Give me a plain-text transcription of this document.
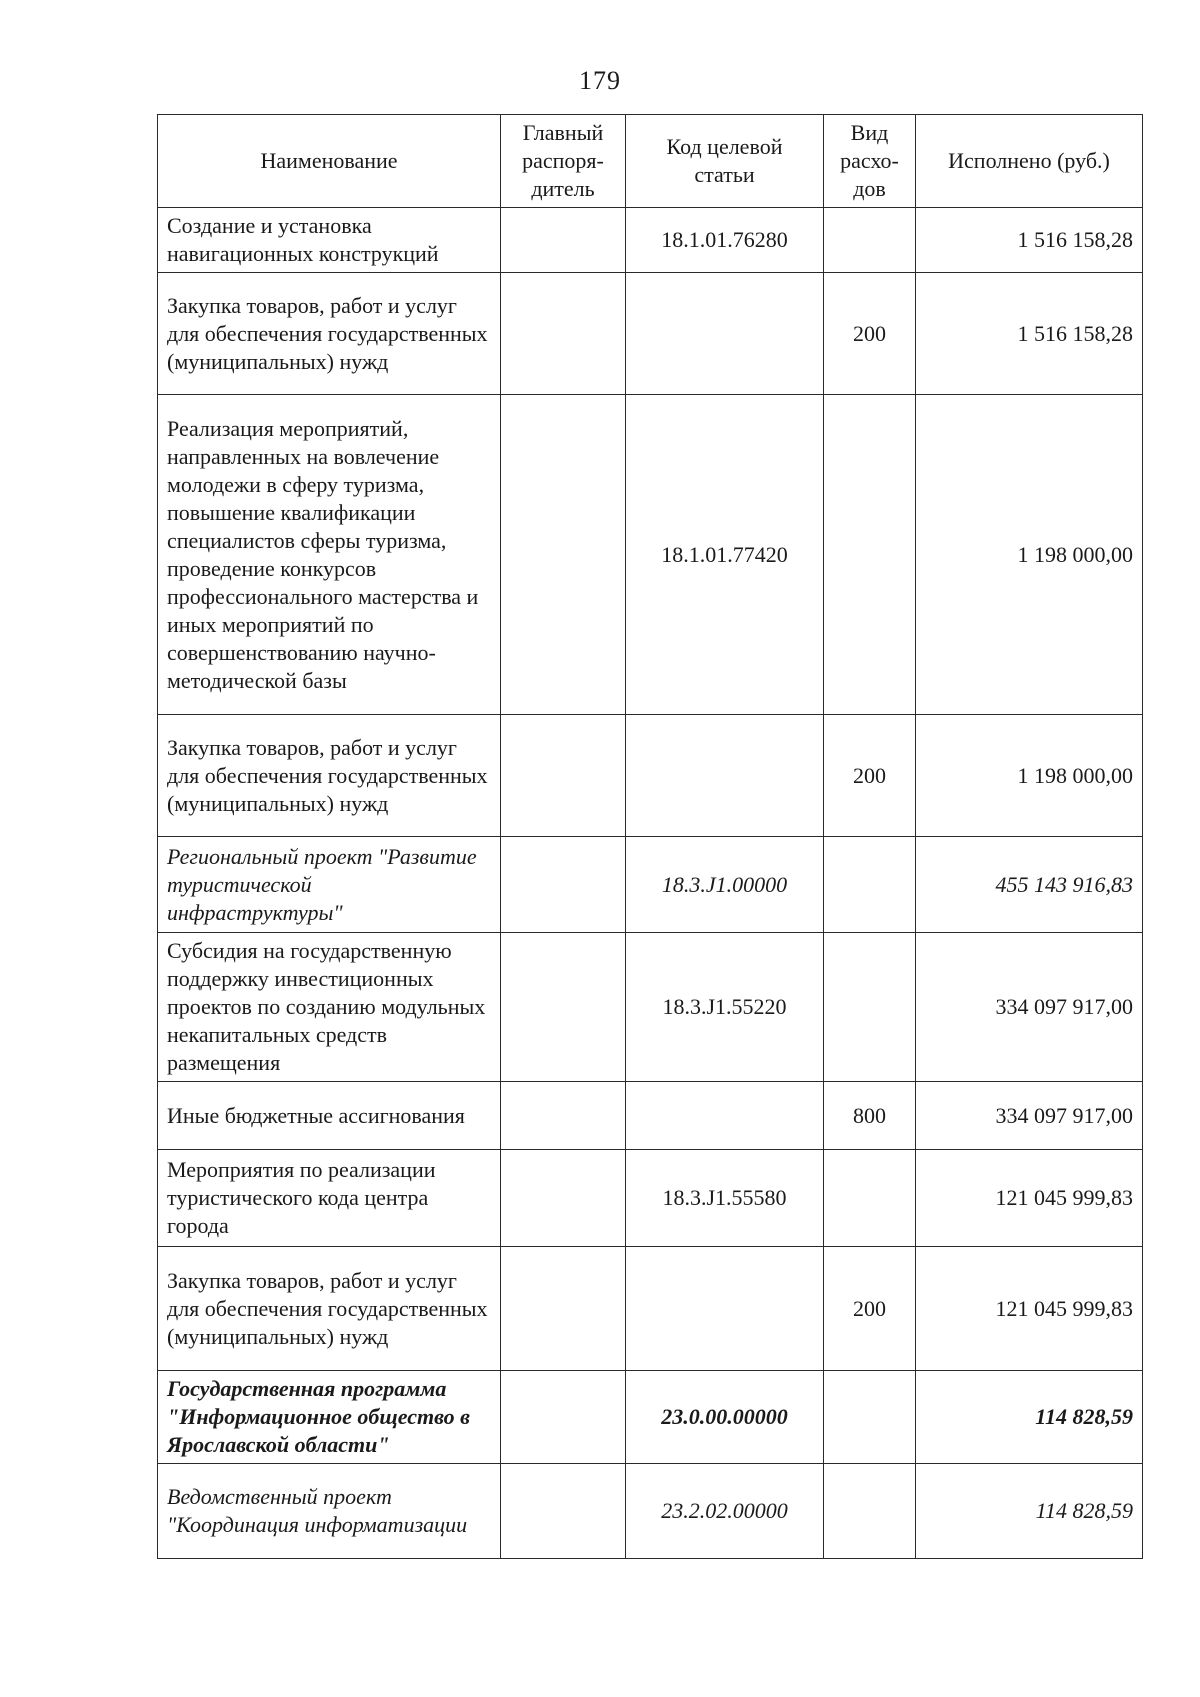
179
Наименование	Главный распоря-дитель	Код целевой статьи	Вид расхо-дов	Исполнено (руб.)
Создание и установка навигационных конструкций		18.1.01.76280		1 516 158,28
Закупка товаров, работ и услуг для обеспечения государственных (муниципальных) нужд			200	1 516 158,28
Реализация мероприятий, направленных на вовлечение молодежи в сферу туризма, повышение квалификации специалистов сферы туризма, проведение конкурсов профессионального мастерства и иных мероприятий по совершенствованию научно-методической базы		18.1.01.77420		1 198 000,00
Закупка товаров, работ и услуг для обеспечения государственных (муниципальных) нужд			200	1 198 000,00
Региональный проект "Развитие туристической инфраструктуры"		18.3.J1.00000		455 143 916,83
Субсидия на государственную поддержку инвестиционных проектов по созданию модульных некапитальных средств размещения		18.3.J1.55220		334 097 917,00
Иные бюджетные ассигнования			800	334 097 917,00
Мероприятия по реализации туристического кода центра города		18.3.J1.55580		121 045 999,83
Закупка товаров, работ и услуг для обеспечения государственных (муниципальных) нужд			200	121 045 999,83
Государственная программа "Информационное общество в Ярославской области"		23.0.00.00000		114 828,59
Ведомственный проект "Координация информатизации		23.2.02.00000		114 828,59
